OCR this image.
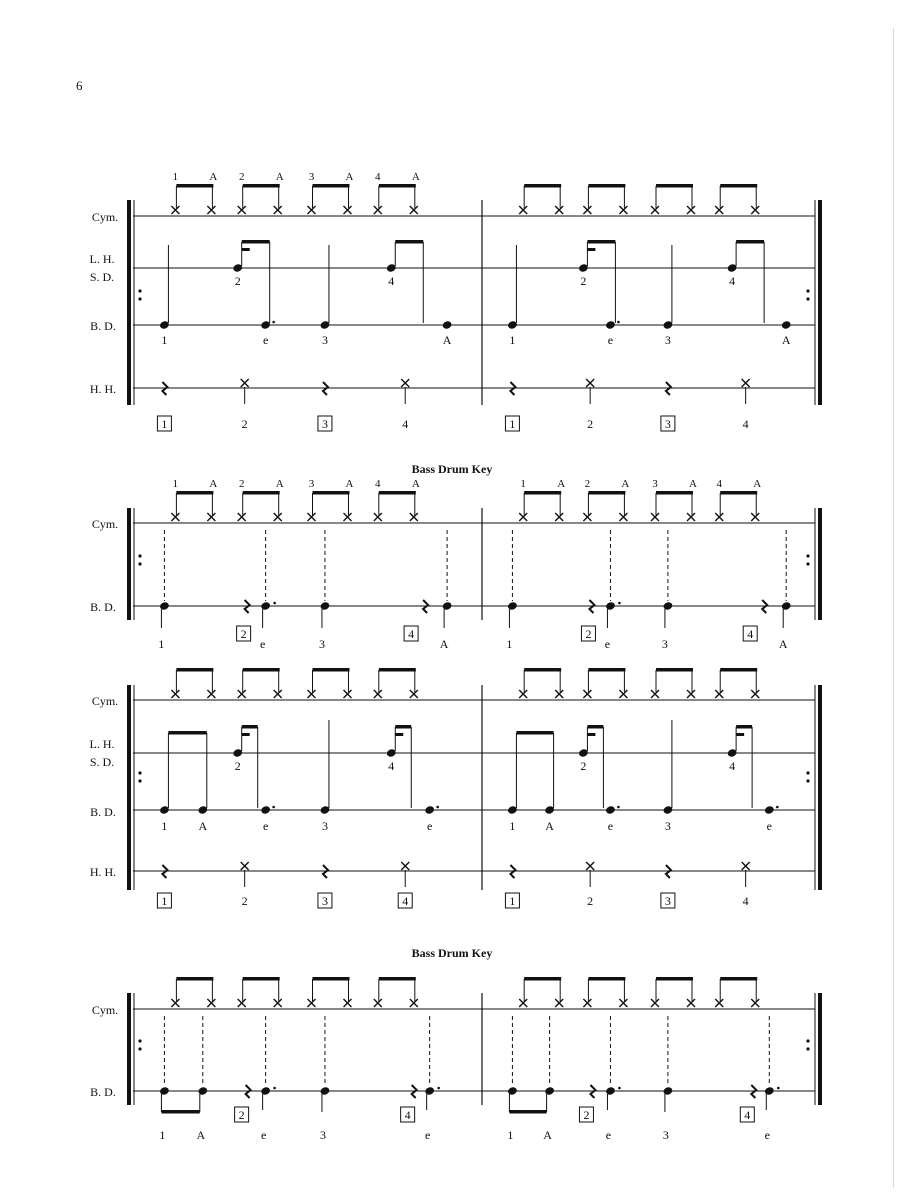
6
Cym.
L. H.
S. D.
B. D.
H. H.
1	A 2	A 3	A 4	A
1	e	3	A
2	4
1	2	3	4
1	e	3	A
2	4
1	2	3	4
Bass Drum Key
Cym.
B. D.
1	A 2	A 3	A 4	A	1	A 2	A 3	A 4	A
1	e	3	A
2	4
1	e	3	A
2	4
Cym.
L. H.
S. D.
B. D.
H. H.
1	A	e	3	e
2	4
1	2	3	4
1 A	e	3	e
2	4
1	2	3	4
Bass Drum Key
Cym.
B. D.
1	A	e	3	e
2	4
1 A	e	3	e
2	4
